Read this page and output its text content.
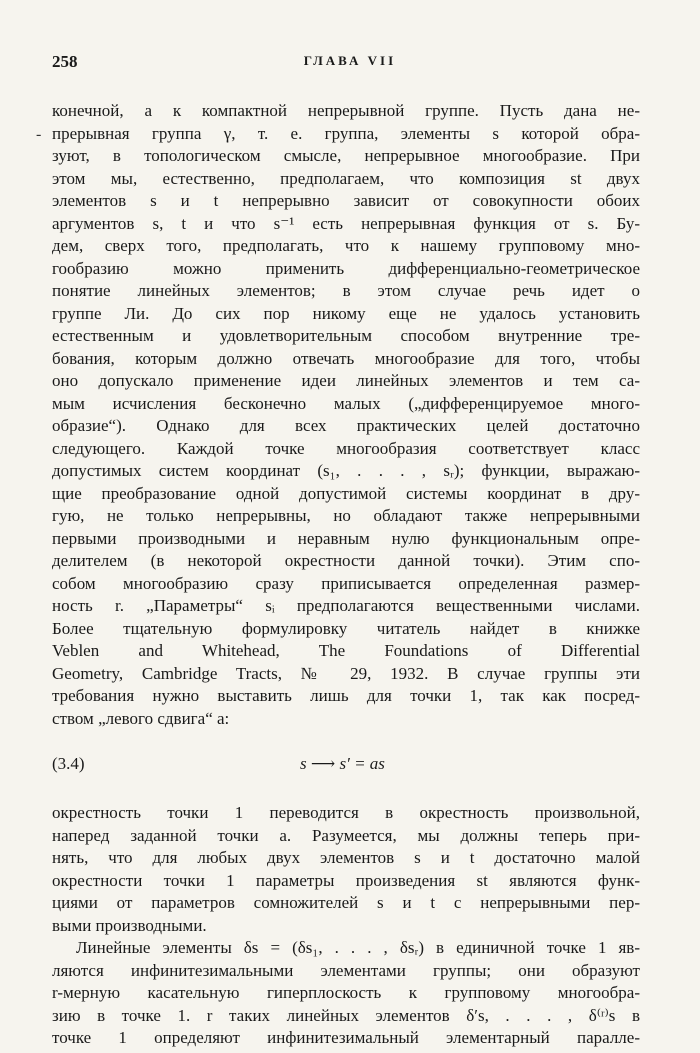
258	ГЛАВА VII
-

конечной, а к компактной непрерывной группе. Пусть дана не-
прерывная группа γ, т. е. группа, элементы s которой обра-
зуют, в топологическом смысле, непрерывное многообразие. При
этом мы, естественно, предполагаем, что композиция st двух
элементов s и t непрерывно зависит от совокупности обоих
аргументов s, t и что s⁻¹ есть непрерывная функция от s. Бу-
дем, сверх того, предполагать, что к нашему групповому мно-
гообразию можно применить дифференциально-геометрическое
понятие линейных элементов; в этом случае речь идет о
группе Ли. До сих пор никому еще не удалось установить
естественным и удовлетворительным способом внутренние тре-
бования, которым должно отвечать многообразие для того, чтобы
оно допускало применение идеи линейных элементов и тем са-
мым исчисления бесконечно малых („дифференцируемое много-
образие“). Однако для всех практических целей достаточно
следующего. Каждой точке многообразия соответствует класс
допустимых систем координат (s₁, . . . , sᵣ); функции, выражаю-
щие преобразование одной допустимой системы координат в дру-
гую, не только непрерывны, но обладают также непрерывными
первыми производными и неравным нулю функциональным опре-
делителем (в некоторой окрестности данной точки). Этим спо-
собом многообразию сразу приписывается определенная размер-
ность r. „Параметры“ sᵢ предполагаются вещественными числами.
Более тщательную формулировку читатель найдет в книжке
Veblen and Whitehead, The Foundations of Differential
Geometry, Cambridge Tracts, № 29, 1932. В случае группы эти
требования нужно выставить лишь для точки 1, так как посред-
ством „левого сдвига“ a:

(3.4)	s ⟶ s′ = as

окрестность точки 1 переводится в окрестность произвольной,
наперед заданной точки a. Разумеется, мы должны теперь при-
нять, что для любых двух элементов s и t достаточно малой
окрестности точки 1 параметры произведения st являются функ-
циями от параметров сомножителей s и t с непрерывными пер-
выми производными.

Линейные элементы δs = (δs₁, . . . , δsᵣ) в единичной точке 1 яв-
ляются инфинитезимальными элементами группы; они образуют
r-мерную касательную гиперплоскость к групповому многообра-
зию в точке 1. r таких линейных элементов δ′s, . . . , δ⁽ʳ⁾s в
точке 1 определяют инфинитезимальный элементарный паралле-
